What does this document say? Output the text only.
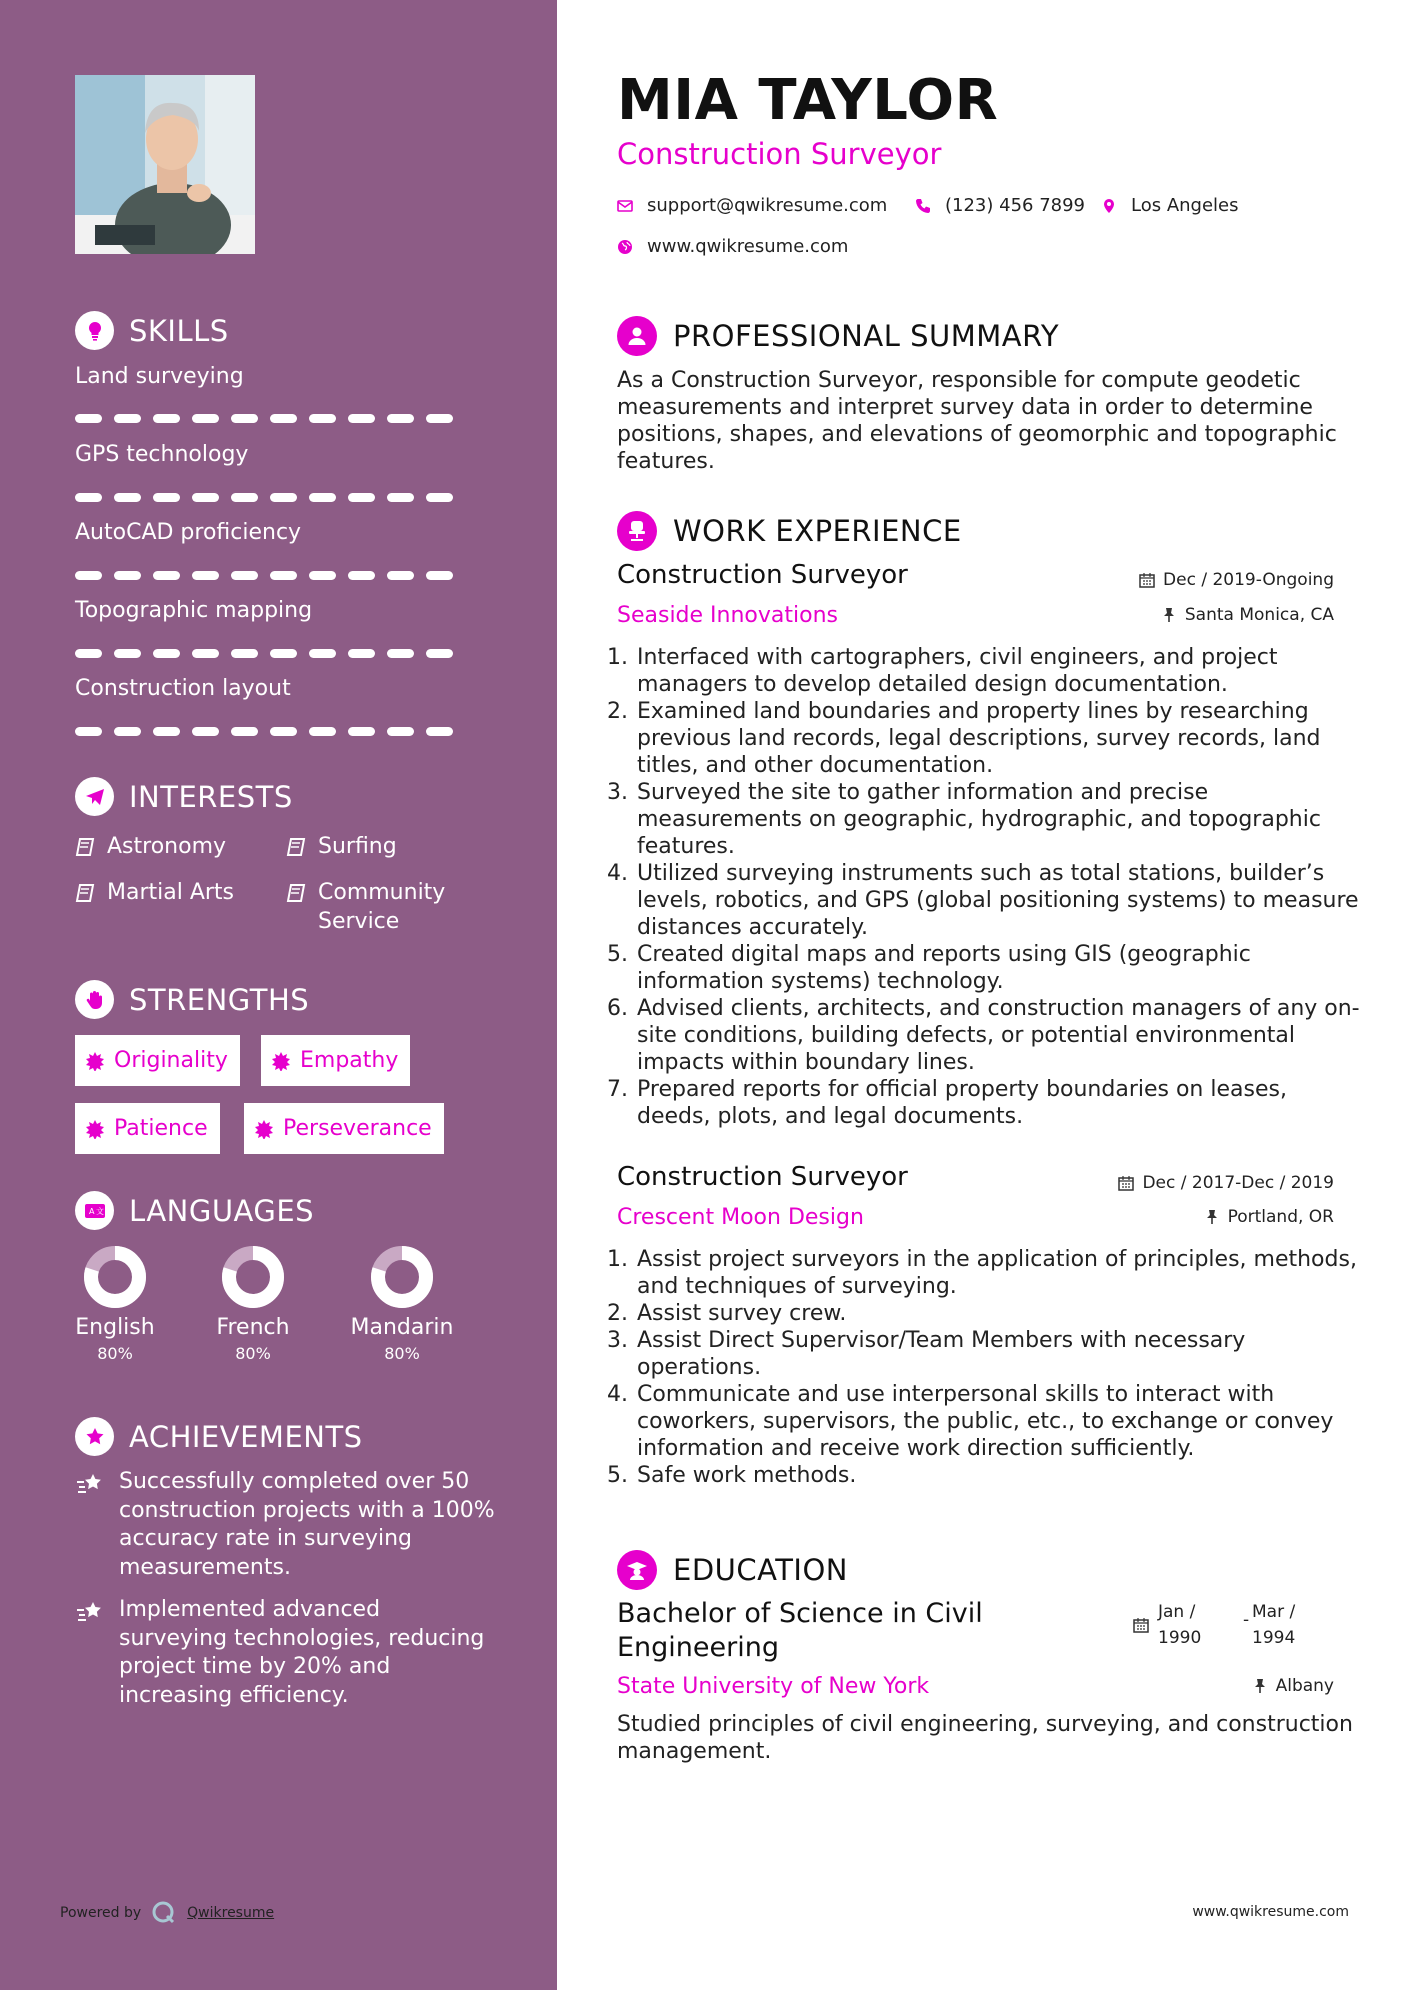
SKILLS
Land surveying
GPS technology
AutoCAD proficiency
Topographic mapping
Construction layout
INTERESTS
Astronomy	Surfing
Martial Arts	Community Service
STRENGTHS
Originality	Empathy
Patience	Perseverance
A 文 LANGUAGES
English
80%
French
80%
Mandarin
80%
ACHIEVEMENTS
Successfully completed over 50 construction projects with a 100% accuracy rate in surveying measurements.
Implemented advanced surveying technologies, reducing project time by 20% and increasing efficiency.
Powered by	Qwikresume
MIA TAYLOR
Construction Surveyor
support@qwikresume.com	(123) 456 7899	Los Angeles
www.qwikresume.com
PROFESSIONAL SUMMARY
As a Construction Surveyor, responsible for compute geodetic measurements and interpret survey data in order to determine positions, shapes, and elevations of geomorphic and topographic features.
WORK EXPERIENCE
Construction Surveyor	Dec / 2019-Ongoing
Seaside Innovations	Santa Monica, CA
1. Interfaced with cartographers, civil engineers, and project managers to develop detailed design documentation.
2. Examined land boundaries and property lines by researching previous land records, legal descriptions, survey records, land titles, and other documentation.
3. Surveyed the site to gather information and precise measurements on geographic, hydrographic, and topographic features.
4. Utilized surveying instruments such as total stations, builder’s levels, robotics, and GPS (global positioning systems) to measure distances accurately.
5. Created digital maps and reports using GIS (geographic information systems) technology.
6. Advised clients, architects, and construction managers of any on-site conditions, building defects, or potential environmental impacts within boundary lines.
7. Prepared reports for official property boundaries on leases, deeds, plots, and legal documents.
Construction Surveyor	Dec / 2017-Dec / 2019
Crescent Moon Design	Portland, OR
1. Assist project surveyors in the application of principles, methods, and techniques of surveying.
2. Assist survey crew.
3. Assist Direct Supervisor/Team Members with necessary operations.
4. Communicate and use interpersonal skills to interact with coworkers, supervisors, the public, etc., to exchange or convey information and receive work direction sufficiently.
5. Safe work methods.
EDUCATION
Bachelor of Science in Civil Engineering
Jan /
1990
- Mar /
1994
State University of New York	Albany
Studied principles of civil engineering, surveying, and construction management.
www.qwikresume.com
